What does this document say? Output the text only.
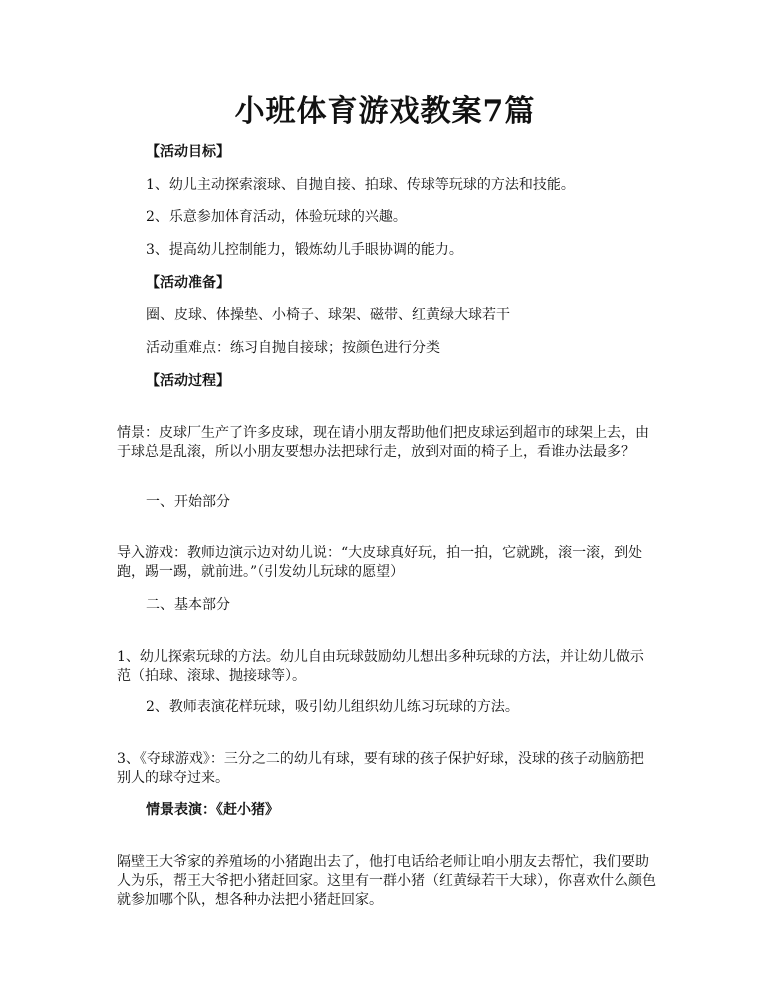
小班体育游戏教案7篇

【活动目标】

1、幼儿主动探索滚球、自抛自接、拍球、传球等玩球的方法和技能。

2、乐意参加体育活动，体验玩球的兴趣。

3、提高幼儿控制能力，锻炼幼儿手眼协调的能力。

【活动准备】

圈、皮球、体操垫、小椅子、球架、磁带、红黄绿大球若干

活动重难点：练习自抛自接球；按颜色进行分类

【活动过程】

情景：皮球厂生产了许多皮球，现在请小朋友帮助他们把皮球运到超市的球架上去，由于球总是乱滚，所以小朋友要想办法把球行走，放到对面的椅子上，看谁办法最多？

一、开始部分

导入游戏：教师边演示边对幼儿说：“大皮球真好玩，拍一拍，它就跳，滚一滚，到处跑，踢一踢，就前进。”（引发幼儿玩球的愿望）

二、基本部分

1、幼儿探索玩球的方法。幼儿自由玩球鼓励幼儿想出多种玩球的方法，并让幼儿做示范（拍球、滚球、抛接球等）。

2、教师表演花样玩球，吸引幼儿组织幼儿练习玩球的方法。

3、《夺球游戏》：三分之二的幼儿有球，要有球的孩子保护好球，没球的孩子动脑筋把别人的球夺过来。

情景表演：《赶小猪》

隔壁王大爷家的养殖场的小猪跑出去了，他打电话给老师让咱小朋友去帮忙，我们要助人为乐，帮王大爷把小猪赶回家。这里有一群小猪（红黄绿若干大球），你喜欢什么颜色就参加哪个队，想各种办法把小猪赶回家。
